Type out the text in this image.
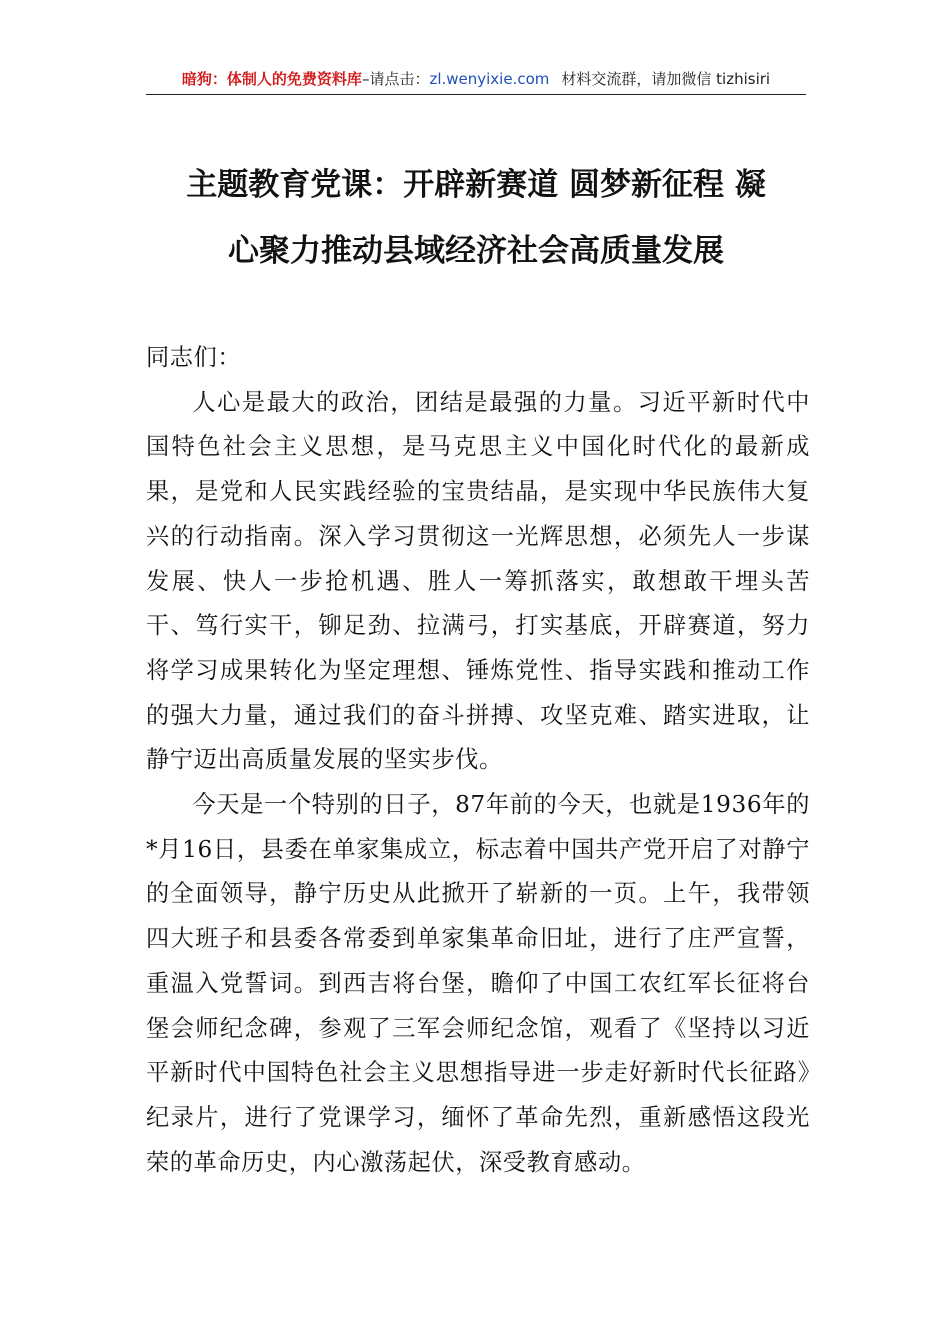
暗狗：体制人的免费资料库–请点击：zl.wenyixie.com 材料交流群，请加微信 tizhisiri
主题教育党课：开辟新赛道 圆梦新征程 凝
心聚力推动县域经济社会高质量发展

同志们：

人心是最大的政治，团结是最强的力量。习近平新时代中国特色社会主义思想，是马克思主义中国化时代化的最新成果，是党和人民实践经验的宝贵结晶，是实现中华民族伟大复兴的行动指南。深入学习贯彻这一光辉思想，必须先人一步谋发展、快人一步抢机遇、胜人一筹抓落实，敢想敢干埋头苦干、笃行实干，铆足劲、拉满弓，打实基底，开辟赛道，努力将学习成果转化为坚定理想、锤炼党性、指导实践和推动工作的强大力量，通过我们的奋斗拼搏、攻坚克难、踏实进取，让静宁迈出高质量发展的坚实步伐。

今天是一个特别的日子，87年前的今天，也就是1936年的*月16日，县委在单家集成立，标志着中国共产党开启了对静宁的全面领导，静宁历史从此掀开了崭新的一页。上午，我带领四大班子和县委各常委到单家集革命旧址，进行了庄严宣誓，重温入党誓词。到西吉将台堡，瞻仰了中国工农红军长征将台堡会师纪念碑，参观了三军会师纪念馆，观看了《坚持以习近平新时代中国特色社会主义思想指导进一步走好新时代长征路》纪录片，进行了党课学习，缅怀了革命先烈，重新感悟这段光荣的革命历史，内心激荡起伏，深受教育感动。
